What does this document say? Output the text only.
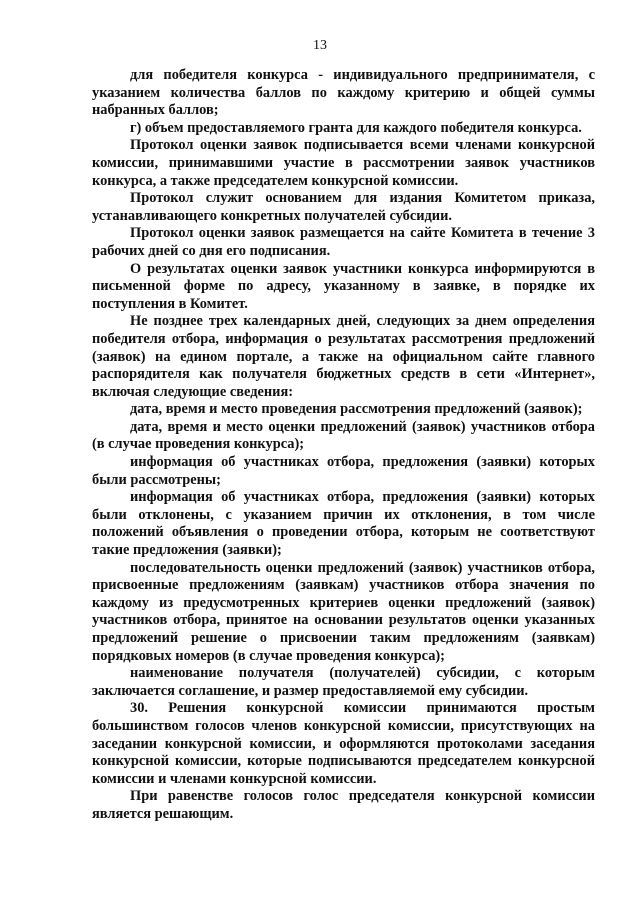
13

для победителя конкурса - индивидуального предпринимателя, с указанием количества баллов по каждому критерию и общей суммы набранных баллов;

г) объем предоставляемого гранта для каждого победителя конкурса.

Протокол оценки заявок подписывается всеми членами конкурсной комиссии, принимавшими участие в рассмотрении заявок участников конкурса, а также председателем конкурсной комиссии.

Протокол служит основанием для издания Комитетом приказа, устанавливающего конкретных получателей субсидии.

Протокол оценки заявок размещается на сайте Комитета в течение 3 рабочих дней со дня его подписания.

О результатах оценки заявок участники конкурса информируются в письменной форме по адресу, указанному в заявке, в порядке их поступления в Комитет.

Не позднее трех календарных дней, следующих за днем определения победителя отбора, информация о результатах рассмотрения предложений (заявок) на едином портале, а также на официальном сайте главного распорядителя как получателя бюджетных средств в сети «Интернет», включая следующие сведения:

дата, время и место проведения рассмотрения предложений (заявок);

дата, время и место оценки предложений (заявок) участников отбора (в случае проведения конкурса);

информация об участниках отбора, предложения (заявки) которых были рассмотрены;

информация об участниках отбора, предложения (заявки) которых были отклонены, с указанием причин их отклонения, в том числе положений объявления о проведении отбора, которым не соответствуют такие предложения (заявки);

последовательность оценки предложений (заявок) участников отбора, присвоенные предложениям (заявкам) участников отбора значения по каждому из предусмотренных критериев оценки предложений (заявок) участников отбора, принятое на основании результатов оценки указанных предложений решение о присвоении таким предложениям (заявкам) порядковых номеров (в случае проведения конкурса);

наименование получателя (получателей) субсидии, с которым заключается соглашение, и размер предоставляемой ему субсидии.

30. Решения конкурсной комиссии принимаются простым большинством голосов членов конкурсной комиссии, присутствующих на заседании конкурсной комиссии, и оформляются протоколами заседания конкурсной комиссии, которые подписываются председателем конкурсной комиссии и членами конкурсной комиссии.

При равенстве голосов голос председателя конкурсной комиссии является решающим.
